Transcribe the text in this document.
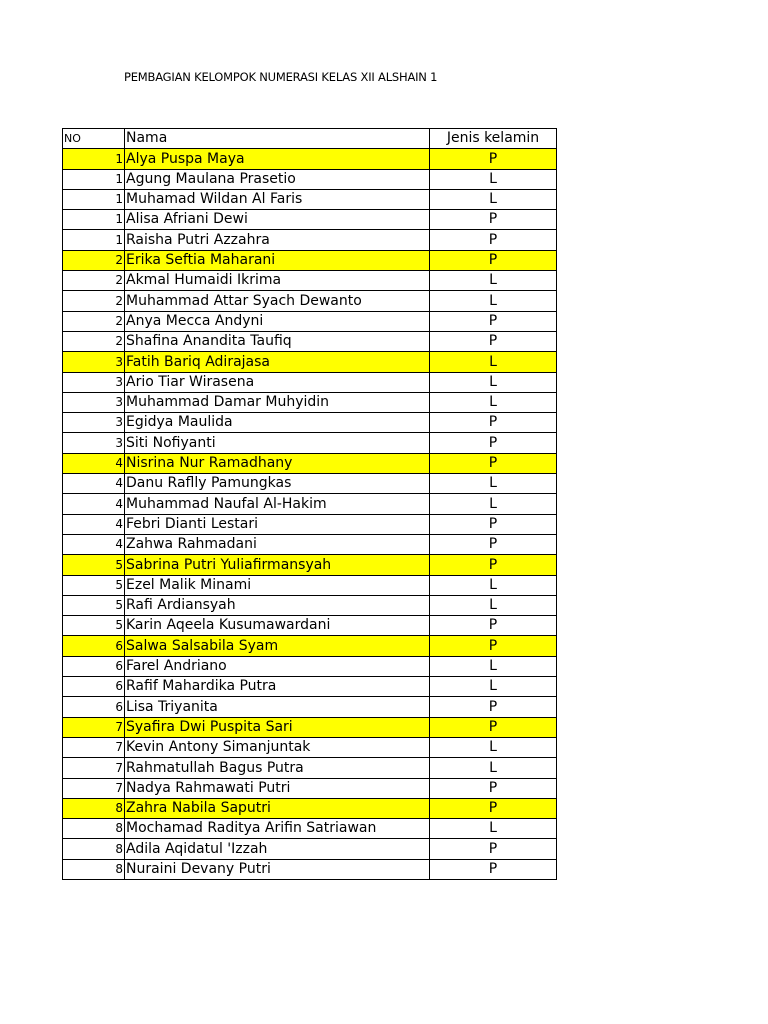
PEMBAGIAN KELOMPOK NUMERASI KELAS XII ALSHAIN 1
NO	Nama	Jenis kelamin
1	Alya Puspa Maya	P
1	Agung Maulana Prasetio	L
1	Muhamad Wildan Al Faris	L
1	Alisa Afriani Dewi	P
1	Raisha Putri Azzahra	P
2	Erika Seftia Maharani	P
2	Akmal Humaidi Ikrima	L
2	Muhammad Attar Syach Dewanto	L
2	Anya Mecca Andyni	P
2	Shafina Anandita Taufiq	P
3	Fatih Bariq Adirajasa	L
3	Ario Tiar Wirasena	L
3	Muhammad Damar Muhyidin	L
3	Egidya Maulida	P
3	Siti Nofiyanti	P
4	Nisrina Nur Ramadhany	P
4	Danu Raflly Pamungkas	L
4	Muhammad Naufal Al-Hakim	L
4	Febri Dianti Lestari	P
4	Zahwa Rahmadani	P
5	Sabrina Putri Yuliafirmansyah	P
5	Ezel Malik Minami	L
5	Rafi Ardiansyah	L
5	Karin Aqeela Kusumawardani	P
6	Salwa Salsabila Syam	P
6	Farel Andriano	L
6	Rafif Mahardika Putra	L
6	Lisa Triyanita	P
7	Syafira Dwi Puspita Sari	P
7	Kevin Antony Simanjuntak	L
7	Rahmatullah Bagus Putra	L
7	Nadya Rahmawati Putri	P
8	Zahra Nabila Saputri	P
8	Mochamad Raditya Arifin Satriawan	L
8	Adila Aqidatul 'Izzah	P
8	Nuraini Devany Putri	P
